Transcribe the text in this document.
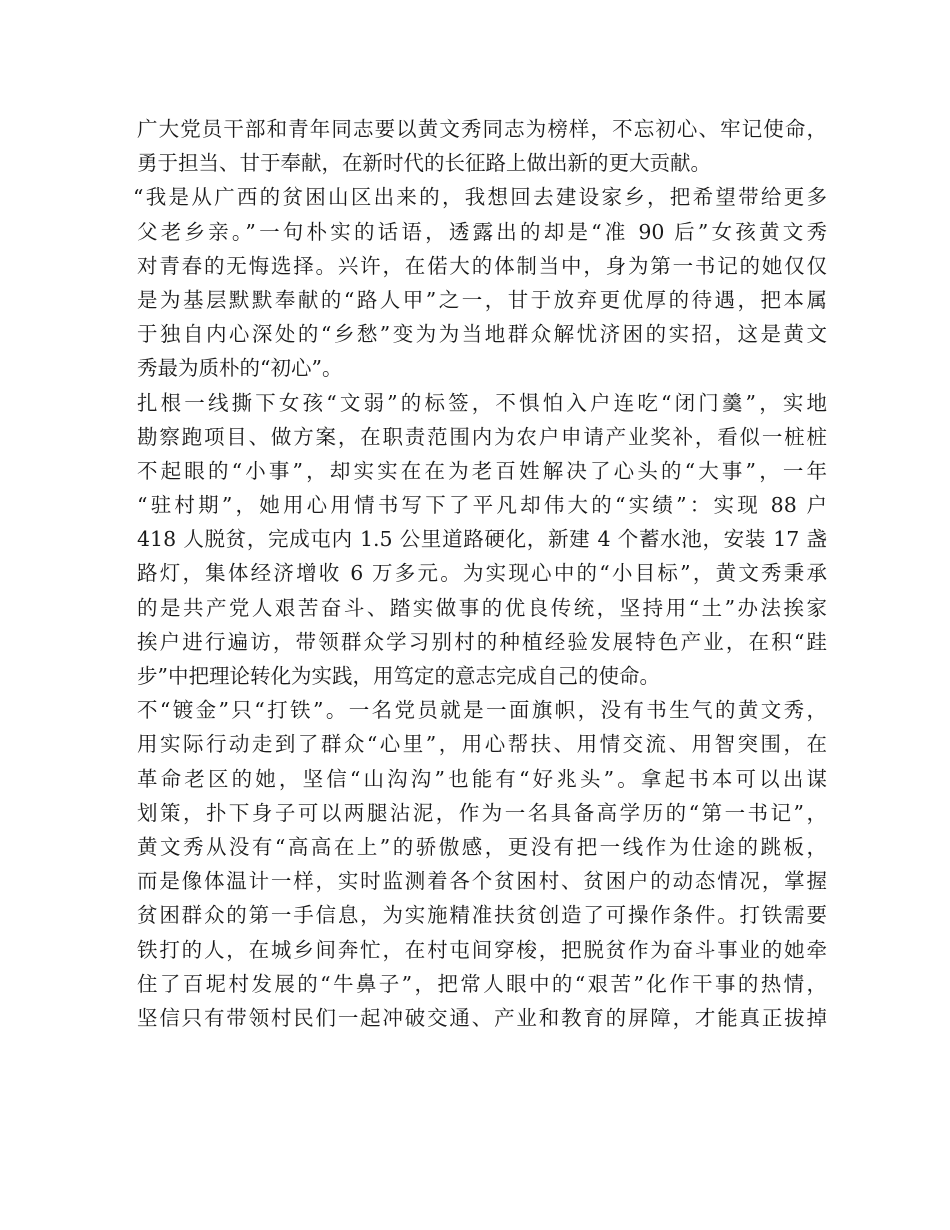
广大党员干部和青年同志要以黄文秀同志为榜样，不忘初心、牢记使命，
勇于担当、甘于奉献，在新时代的长征路上做出新的更大贡献。
“我是从广西的贫困山区出来的，我想回去建设家乡，把希望带给更多
父老乡亲。”一句朴实的话语，透露出的却是“准 90 后”女孩黄文秀
对青春的无悔选择。兴许，在偌大的体制当中，身为第一书记的她仅仅
是为基层默默奉献的“路人甲”之一，甘于放弃更优厚的待遇，把本属
于独自内心深处的“乡愁”变为为当地群众解忧济困的实招，这是黄文
秀最为质朴的“初心”。
扎根一线撕下女孩“文弱”的标签，不惧怕入户连吃“闭门羹”，实地
勘察跑项目、做方案，在职责范围内为农户申请产业奖补，看似一桩桩
不起眼的“小事”，却实实在在为老百姓解决了心头的“大事”，一年
“驻村期”，她用心用情书写下了平凡却伟大的“实绩”：实现 88 户
418 人脱贫，完成屯内 1.5 公里道路硬化，新建 4 个蓄水池，安装 17 盏
路灯，集体经济增收 6 万多元。为实现心中的“小目标”，黄文秀秉承
的是共产党人艰苦奋斗、踏实做事的优良传统，坚持用“土”办法挨家
挨户进行遍访，带领群众学习别村的种植经验发展特色产业，在积“跬
步”中把理论转化为实践，用笃定的意志完成自己的使命。
不“镀金”只“打铁”。一名党员就是一面旗帜，没有书生气的黄文秀，
用实际行动走到了群众“心里”，用心帮扶、用情交流、用智突围，在
革命老区的她，坚信“山沟沟”也能有“好兆头”。拿起书本可以出谋
划策，扑下身子可以两腿沾泥，作为一名具备高学历的“第一书记”，
黄文秀从没有“高高在上”的骄傲感，更没有把一线作为仕途的跳板，
而是像体温计一样，实时监测着各个贫困村、贫困户的动态情况，掌握
贫困群众的第一手信息，为实施精准扶贫创造了可操作条件。打铁需要
铁打的人，在城乡间奔忙，在村屯间穿梭，把脱贫作为奋斗事业的她牵
住了百坭村发展的“牛鼻子”，把常人眼中的“艰苦”化作干事的热情，
坚信只有带领村民们一起冲破交通、产业和教育的屏障，才能真正拔掉
